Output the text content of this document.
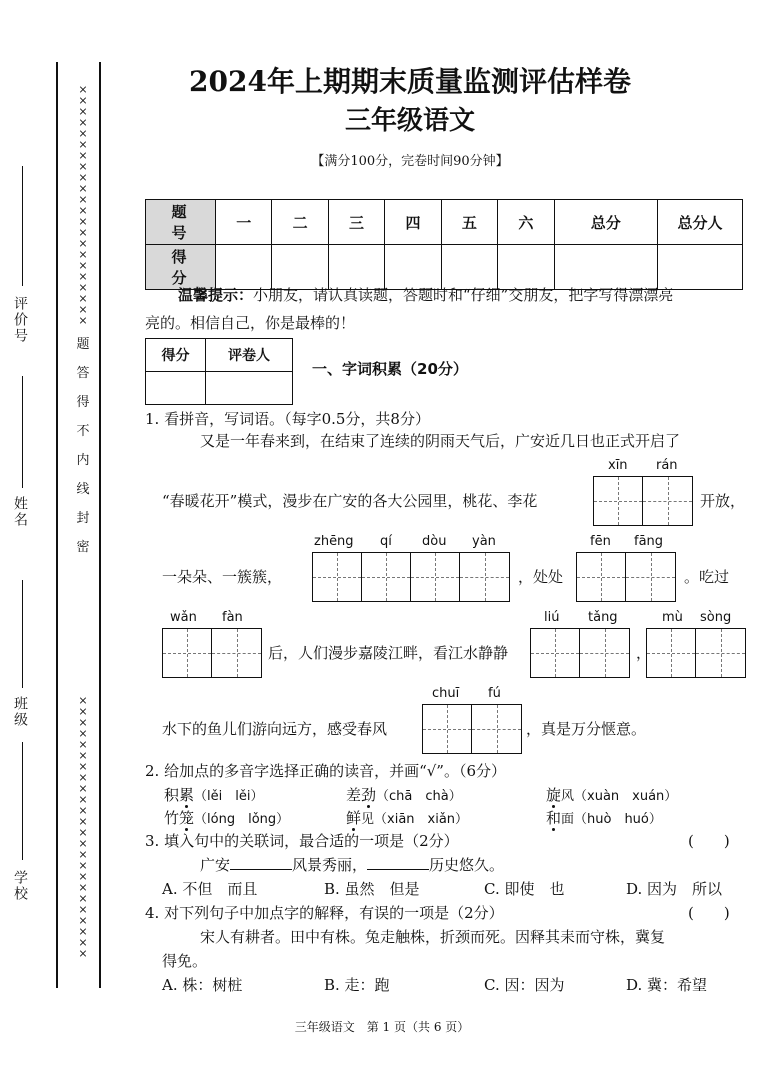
评价号
姓名
班级
学校
×
×
×
×
×
×
×
×
×
×
×
×
×
×
×
×
×
×
×
×
×
×
题
答
得
不
内
线
封
密
×
×
×
×
×
×
×
×
×
×
×
×
×
×
×
×
×
×
×
×
×
×
×
×
2024年上期期末质量监测评估样卷
三年级语文
【满分100分，完卷时间90分钟】
题　号	一	二	三	四	五	六	总分	总分人
得　分								
温馨提示：小朋友，请认真读题，答题时和“仔细”交朋友，把字写得漂漂亮
亮的。相信自己，你是最棒的！
得分	评卷人

一、字词积累（20分）
1. 看拼音，写词语。（每字0.5分，共8分）
又是一年春来到，在结束了连续的阴雨天气后，广安近几日也正式开启了
xīn rán
“春暖花开”模式，漫步在广安的各大公园里，桃花、李花	开放，
zhēng qí dòu yàn	fēn fāng
一朵朵、一簇簇，	，处处	。吃过
wǎn fàn	liú tǎng	mù sòng
后，人们漫步嘉陵江畔，看江水静静	，
chuī fú
水下的鱼儿们游向远方，感受春风	，真是万分惬意。
2. 给加点的多音字选择正确的读音，并画“√”。（6分）
积累（lěi　lěi）	差劲（chā　chà）	旋风（xuàn　xuán）
竹笼（lóng　lǒng）	鲜见（xiān　xiǎn）	和面（huò　huó）
3. 填入句中的关联词，最合适的一项是（2分）	(　　)
广安	风景秀丽，	历史悠久。
A. 不但　而且	B. 虽然　但是	C. 即使　也	D. 因为　所以
4. 对下列句子中加点字的解释，有误的一项是（2分）	(　　)
宋人有耕者。田中有株。兔走触株，折颈而死。因释其耒而守株，冀复
得免。
A. 株：树桩	B. 走：跑	C. 因：因为	D. 冀：希望
三年级语文　第 1 页（共 6 页）
